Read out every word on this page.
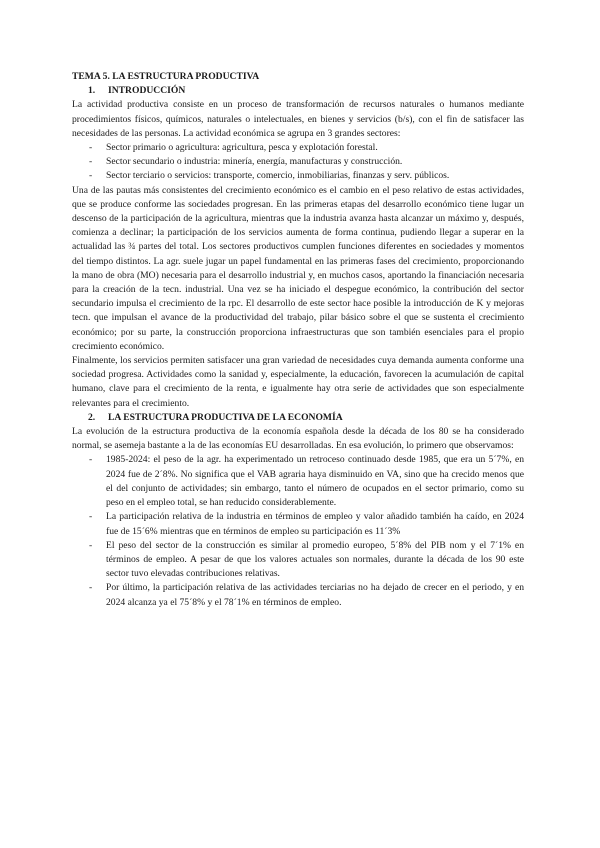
TEMA 5. LA ESTRUCTURA PRODUCTIVA

1.	INTRODUCCIÓN

La actividad productiva consiste en un proceso de transformación de recursos naturales o humanos mediante procedimientos físicos, químicos, naturales o intelectuales, en bienes y servicios (b/s), con el fin de satisfacer las necesidades de las personas. La actividad económica se agrupa en 3 grandes sectores:

- Sector primario o agricultura: agricultura, pesca y explotación forestal.
- Sector secundario o industria: minería, energía, manufacturas y construcción.
- Sector terciario o servicios: transporte, comercio, inmobiliarias, finanzas y serv. públicos.

Una de las pautas más consistentes del crecimiento económico es el cambio en el peso relativo de estas actividades, que se produce conforme las sociedades progresan. En las primeras etapas del desarrollo económico tiene lugar un descenso de la participación de la agricultura, mientras que la industria avanza hasta alcanzar un máximo y, después, comienza a declinar; la participación de los servicios aumenta de forma continua, pudiendo llegar a superar en la actualidad las ¾ partes del total. Los sectores productivos cumplen funciones diferentes en sociedades y momentos del tiempo distintos. La agr. suele jugar un papel fundamental en las primeras fases del crecimiento, proporcionando la mano de obra (MO) necesaria para el desarrollo industrial y, en muchos casos, aportando la financiación necesaria para la creación de la tecn. industrial. Una vez se ha iniciado el despegue económico, la contribución del sector secundario impulsa el crecimiento de la rpc. El desarrollo de este sector hace posible la introducción de K y mejoras tecn. que impulsan el avance de la productividad del trabajo, pilar básico sobre el que se sustenta el crecimiento económico; por su parte, la construcción proporciona infraestructuras que son también esenciales para el propio crecimiento económico.

Finalmente, los servicios permiten satisfacer una gran variedad de necesidades cuya demanda aumenta conforme una sociedad progresa. Actividades como la sanidad y, especialmente, la educación, favorecen la acumulación de capital humano, clave para el crecimiento de la renta, e igualmente hay otra serie de actividades que son especialmente relevantes para el crecimiento.

2.	LA ESTRUCTURA PRODUCTIVA DE LA ECONOMÍA

La evolución de la estructura productiva de la economía española desde la década de los 80 se ha considerado normal, se asemeja bastante a la de las economías EU desarrolladas. En esa evolución, lo primero que observamos:

- 1985-2024: el peso de la agr. ha experimentado un retroceso continuado desde 1985, que era un 5´7%, en 2024 fue de 2´8%. No significa que el VAB agraria haya disminuido en VA, sino que ha crecido menos que el del conjunto de actividades; sin embargo, tanto el número de ocupados en el sector primario, como su peso en el empleo total, se han reducido considerablemente.
- La participación relativa de la industria en términos de empleo y valor añadido también ha caído, en 2024 fue de 15´6% mientras que en términos de empleo su participación es 11´3%
- El peso del sector de la construcción es similar al promedio europeo, 5´8% del PIB nom y el 7´1% en términos de empleo. A pesar de que los valores actuales son normales, durante la década de los 90 este sector tuvo elevadas contribuciones relativas.
- Por último, la participación relativa de las actividades terciarias no ha dejado de crecer en el periodo, y en 2024 alcanza ya el 75´8% y el 78´1% en términos de empleo.
